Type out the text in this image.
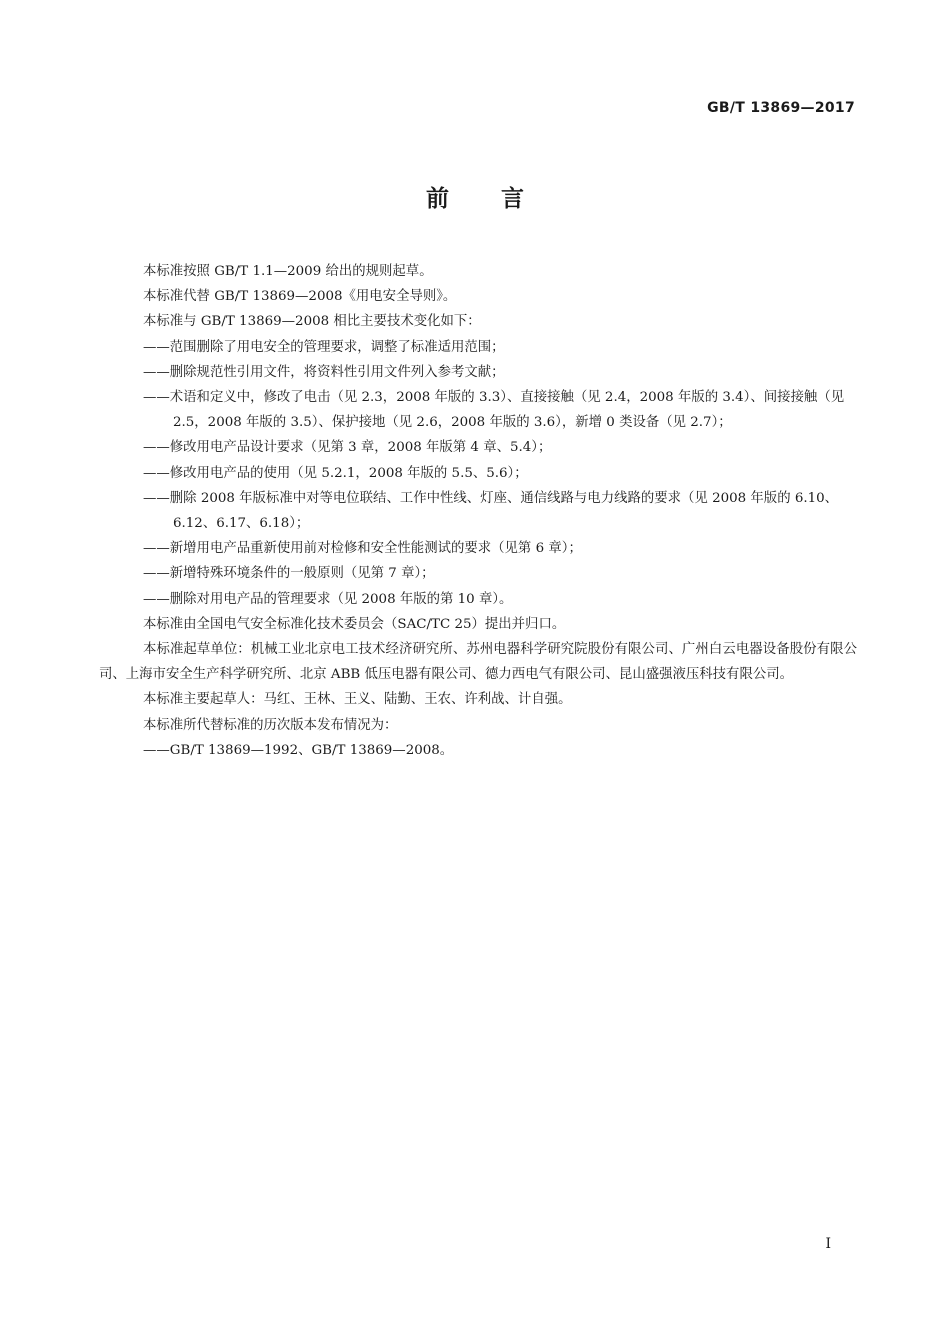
GB/T 13869—2017
前言

本标准按照 GB/T 1.1—2009 给出的规则起草。

本标准代替 GB/T 13869—2008《用电安全导则》。

本标准与 GB/T 13869—2008 相比主要技术变化如下：

——范围删除了用电安全的管理要求，调整了标准适用范围；

——删除规范性引用文件，将资料性引用文件列入参考文献；

——术语和定义中，修改了电击（见 2.3，2008 年版的 3.3）、直接接触（见 2.4，2008 年版的 3.4）、间接接触（见 2.5，2008 年版的 3.5）、保护接地（见 2.6，2008 年版的 3.6），新增 0 类设备（见 2.7）；

——修改用电产品设计要求（见第 3 章，2008 年版第 4 章、5.4）；

——修改用电产品的使用（见 5.2.1，2008 年版的 5.5、5.6）；

——删除 2008 年版标准中对等电位联结、工作中性线、灯座、通信线路与电力线路的要求（见 2008 年版的 6.10、6.12、6.17、6.18）；

——新增用电产品重新使用前对检修和安全性能测试的要求（见第 6 章）；

——新增特殊环境条件的一般原则（见第 7 章）；

——删除对用电产品的管理要求（见 2008 年版的第 10 章）。

本标准由全国电气安全标准化技术委员会（SAC/TC 25）提出并归口。

本标准起草单位：机械工业北京电工技术经济研究所、苏州电器科学研究院股份有限公司、广州白云电器设备股份有限公司、上海市安全生产科学研究所、北京 ABB 低压电器有限公司、德力西电气有限公司、昆山盛强液压科技有限公司。

本标准主要起草人：马红、王林、王义、陆勤、王农、许利战、计自强。

本标准所代替标准的历次版本发布情况为：

——GB/T 13869—1992、GB/T 13869—2008。

I
